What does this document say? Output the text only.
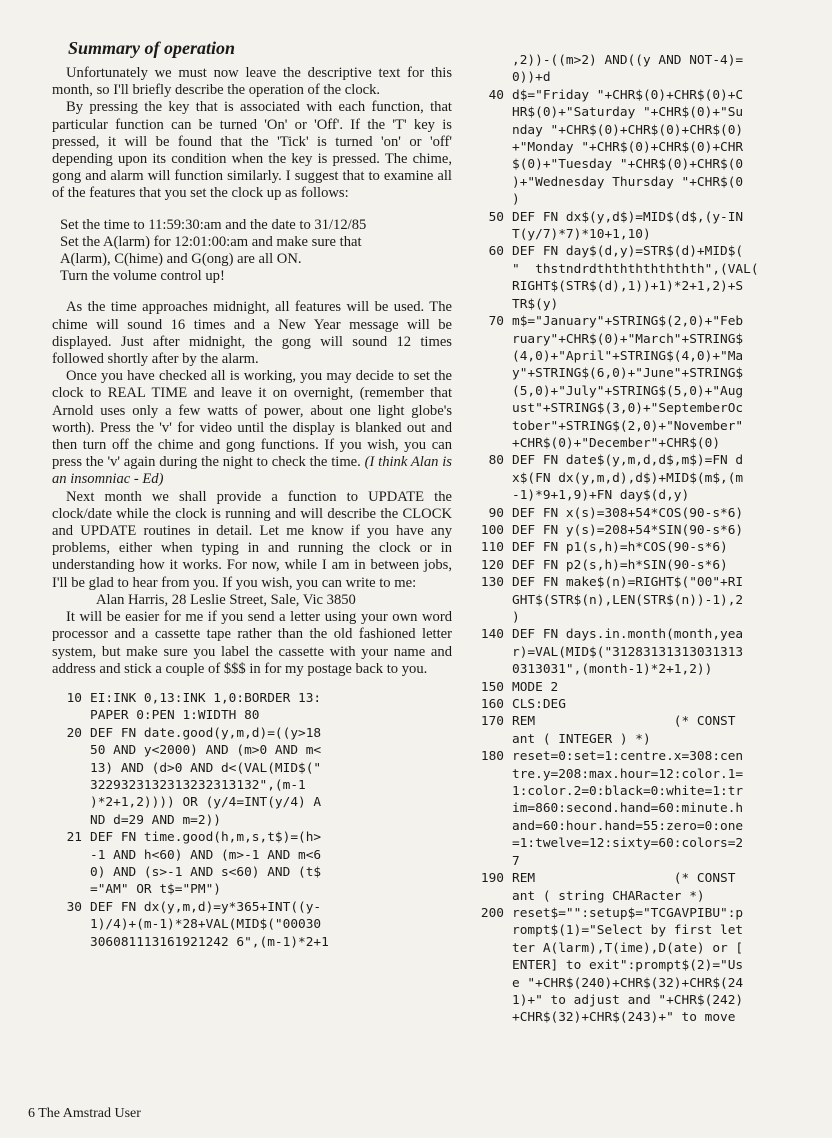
Summary of operation

Unfortunately we must now leave the descriptive text for this month, so I'll briefly describe the operation of the clock.

By pressing the key that is associated with each function, that particular function can be turned 'On' or 'Off'. If the 'T' key is pressed, it will be found that the 'Tick' is turned 'on' or 'off' depending upon its condition when the key is pressed. The chime, gong and alarm will function similarly. I suggest that to examine all of the features that you set the clock up as follows:

Set the time to 11:59:30:am and the date to 31/12/85

Set the A(larm) for 12:01:00:am and make sure that

A(larm), C(hime) and G(ong) are all ON.

Turn the volume control up!

As the time approaches midnight, all features will be used. The chime will sound 16 times and a New Year message will be displayed. Just after midnight, the gong will sound 12 times followed shortly after by the alarm.

Once you have checked all is working, you may decide to set the clock to REAL TIME and leave it on overnight, (remember that Arnold uses only a few watts of power, about one light globe's worth). Press the 'v' for video until the display is blanked out and then turn off the chime and gong functions. If you wish, you can press the 'v' again during the night to check the time. (I think Alan is an insomniac - Ed)

Next month we shall provide a function to UPDATE the clock/date while the clock is running and will describe the CLOCK and UPDATE routines in detail. Let me know if you have any problems, either when typing in and running the clock or in understanding how it works. For now, while I am in between jobs, I'll be glad to hear from you. If you wish, you can write to me:

Alan Harris, 28 Leslie Street, Sale, Vic 3850

It will be easier for me if you send a letter using your own word processor and a cassette tape rather than the old fashioned letter system, but make sure you label the cassette with your name and address and stick a couple of $$$ in for my postage back to you.

10 EI:INK 0,13:INK 1,0:BORDER 13:
PAPER 0:PEN 1:WIDTH 80
20 DEF FN date.good(y,m,d)=((y>18
50 AND y<2000) AND (m>0 AND m<
13) AND (d>0 AND d<(VAL(MID$("
3229323132313232313132",(m-1
)*2+1,2)))) OR (y/4=INT(y/4) A
ND d=29 AND m=2))
21 DEF FN time.good(h,m,s,t$)=(h>
-1 AND h<60) AND (m>-1 AND m<6
0) AND (s>-1 AND s<60) AND (t$
="AM" OR t$="PM")
30 DEF FN dx(y,m,d)=y*365+INT((y-
1)/4)+(m-1)*28+VAL(MID$("00030
306081113161921242 6",(m-1)*2+1
,2))-((m>2) AND((y AND NOT-4)=
0))+d
40 d$="Friday "+CHR$(0)+CHR$(0)+C
HR$(0)+"Saturday "+CHR$(0)+"Su
nday "+CHR$(0)+CHR$(0)+CHR$(0)
+"Monday "+CHR$(0)+CHR$(0)+CHR
$(0)+"Tuesday "+CHR$(0)+CHR$(0
)+"Wednesday Thursday "+CHR$(0
)
50 DEF FN dx$(y,d$)=MID$(d$,(y-IN
T(y/7)*7)*10+1,10)
60 DEF FN day$(d,y)=STR$(d)+MID$(
"  thstndrdththththththth",(VAL(
RIGHT$(STR$(d),1))+1)*2+1,2)+S
TR$(y)
70 m$="January"+STRING$(2,0)+"Feb
ruary"+CHR$(0)+"March"+STRING$
(4,0)+"April"+STRING$(4,0)+"Ma
y"+STRING$(6,0)+"June"+STRING$
(5,0)+"July"+STRING$(5,0)+"Aug
ust"+STRING$(3,0)+"SeptemberOc
tober"+STRING$(2,0)+"November"
+CHR$(0)+"December"+CHR$(0)
80 DEF FN date$(y,m,d,d$,m$)=FN d
x$(FN dx(y,m,d),d$)+MID$(m$,(m
-1)*9+1,9)+FN day$(d,y)
90 DEF FN x(s)=308+54*COS(90-s*6)
100 DEF FN y(s)=208+54*SIN(90-s*6)
110 DEF FN p1(s,h)=h*COS(90-s*6)
120 DEF FN p2(s,h)=h*SIN(90-s*6)
130 DEF FN make$(n)=RIGHT$("00"+RI
GHT$(STR$(n),LEN(STR$(n))-1),2
)
140 DEF FN days.in.month(month,yea
r)=VAL(MID$("31283131313031313
0313031",(month-1)*2+1,2))
150 MODE 2
160 CLS:DEG
170 REM                  (* CONST
ant ( INTEGER ) *)
180 reset=0:set=1:centre.x=308:cen
tre.y=208:max.hour=12:color.1=
1:color.2=0:black=0:white=1:tr
im=860:second.hand=60:minute.h
and=60:hour.hand=55:zero=0:one
=1:twelve=12:sixty=60:colors=2
7
190 REM                  (* CONST
ant ( string CHARacter *)
200 reset$="":setup$="TCGAVPIBU":p
rompt$(1)="Select by first let
ter A(larm),T(ime),D(ate) or [
ENTER] to exit":prompt$(2)="Us
e "+CHR$(240)+CHR$(32)+CHR$(24
1)+" to adjust and "+CHR$(242)
+CHR$(32)+CHR$(243)+" to move
6 The Amstrad User
